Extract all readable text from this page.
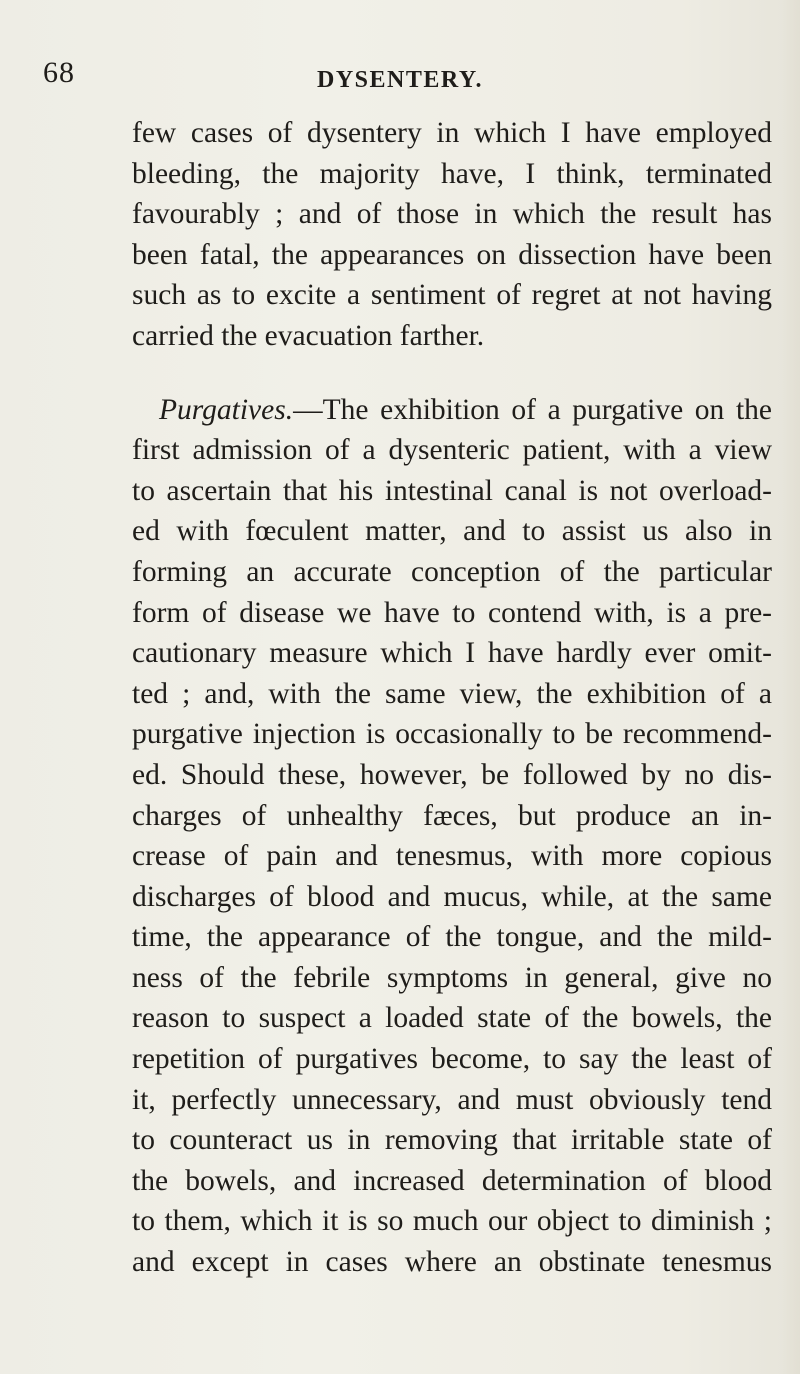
68	DYSENTERY.
few cases of dysentery in which I have employed
bleeding, the majority have, I think, terminated
favourably ; and of those in which the result has
been fatal, the appearances on dissection have been
such as to excite a sentiment of regret at not having
carried the evacuation farther.
Purgatives.—The exhibition of a purgative on the
first admission of a dysenteric patient, with a view
to ascertain that his intestinal canal is not overload-
ed with fœculent matter, and to assist us also in
forming an accurate conception of the particular
form of disease we have to contend with, is a pre-
cautionary measure which I have hardly ever omit-
ted ; and, with the same view, the exhibition of a
purgative injection is occasionally to be recommend-
ed. Should these, however, be followed by no dis-
charges of unhealthy fæces, but produce an in-
crease of pain and tenesmus, with more copious
discharges of blood and mucus, while, at the same
time, the appearance of the tongue, and the mild-
ness of the febrile symptoms in general, give no
reason to suspect a loaded state of the bowels, the
repetition of purgatives become, to say the least of
it, perfectly unnecessary, and must obviously tend
to counteract us in removing that irritable state of
the bowels, and increased determination of blood
to them, which it is so much our object to diminish ;
and except in cases where an obstinate tenesmus
